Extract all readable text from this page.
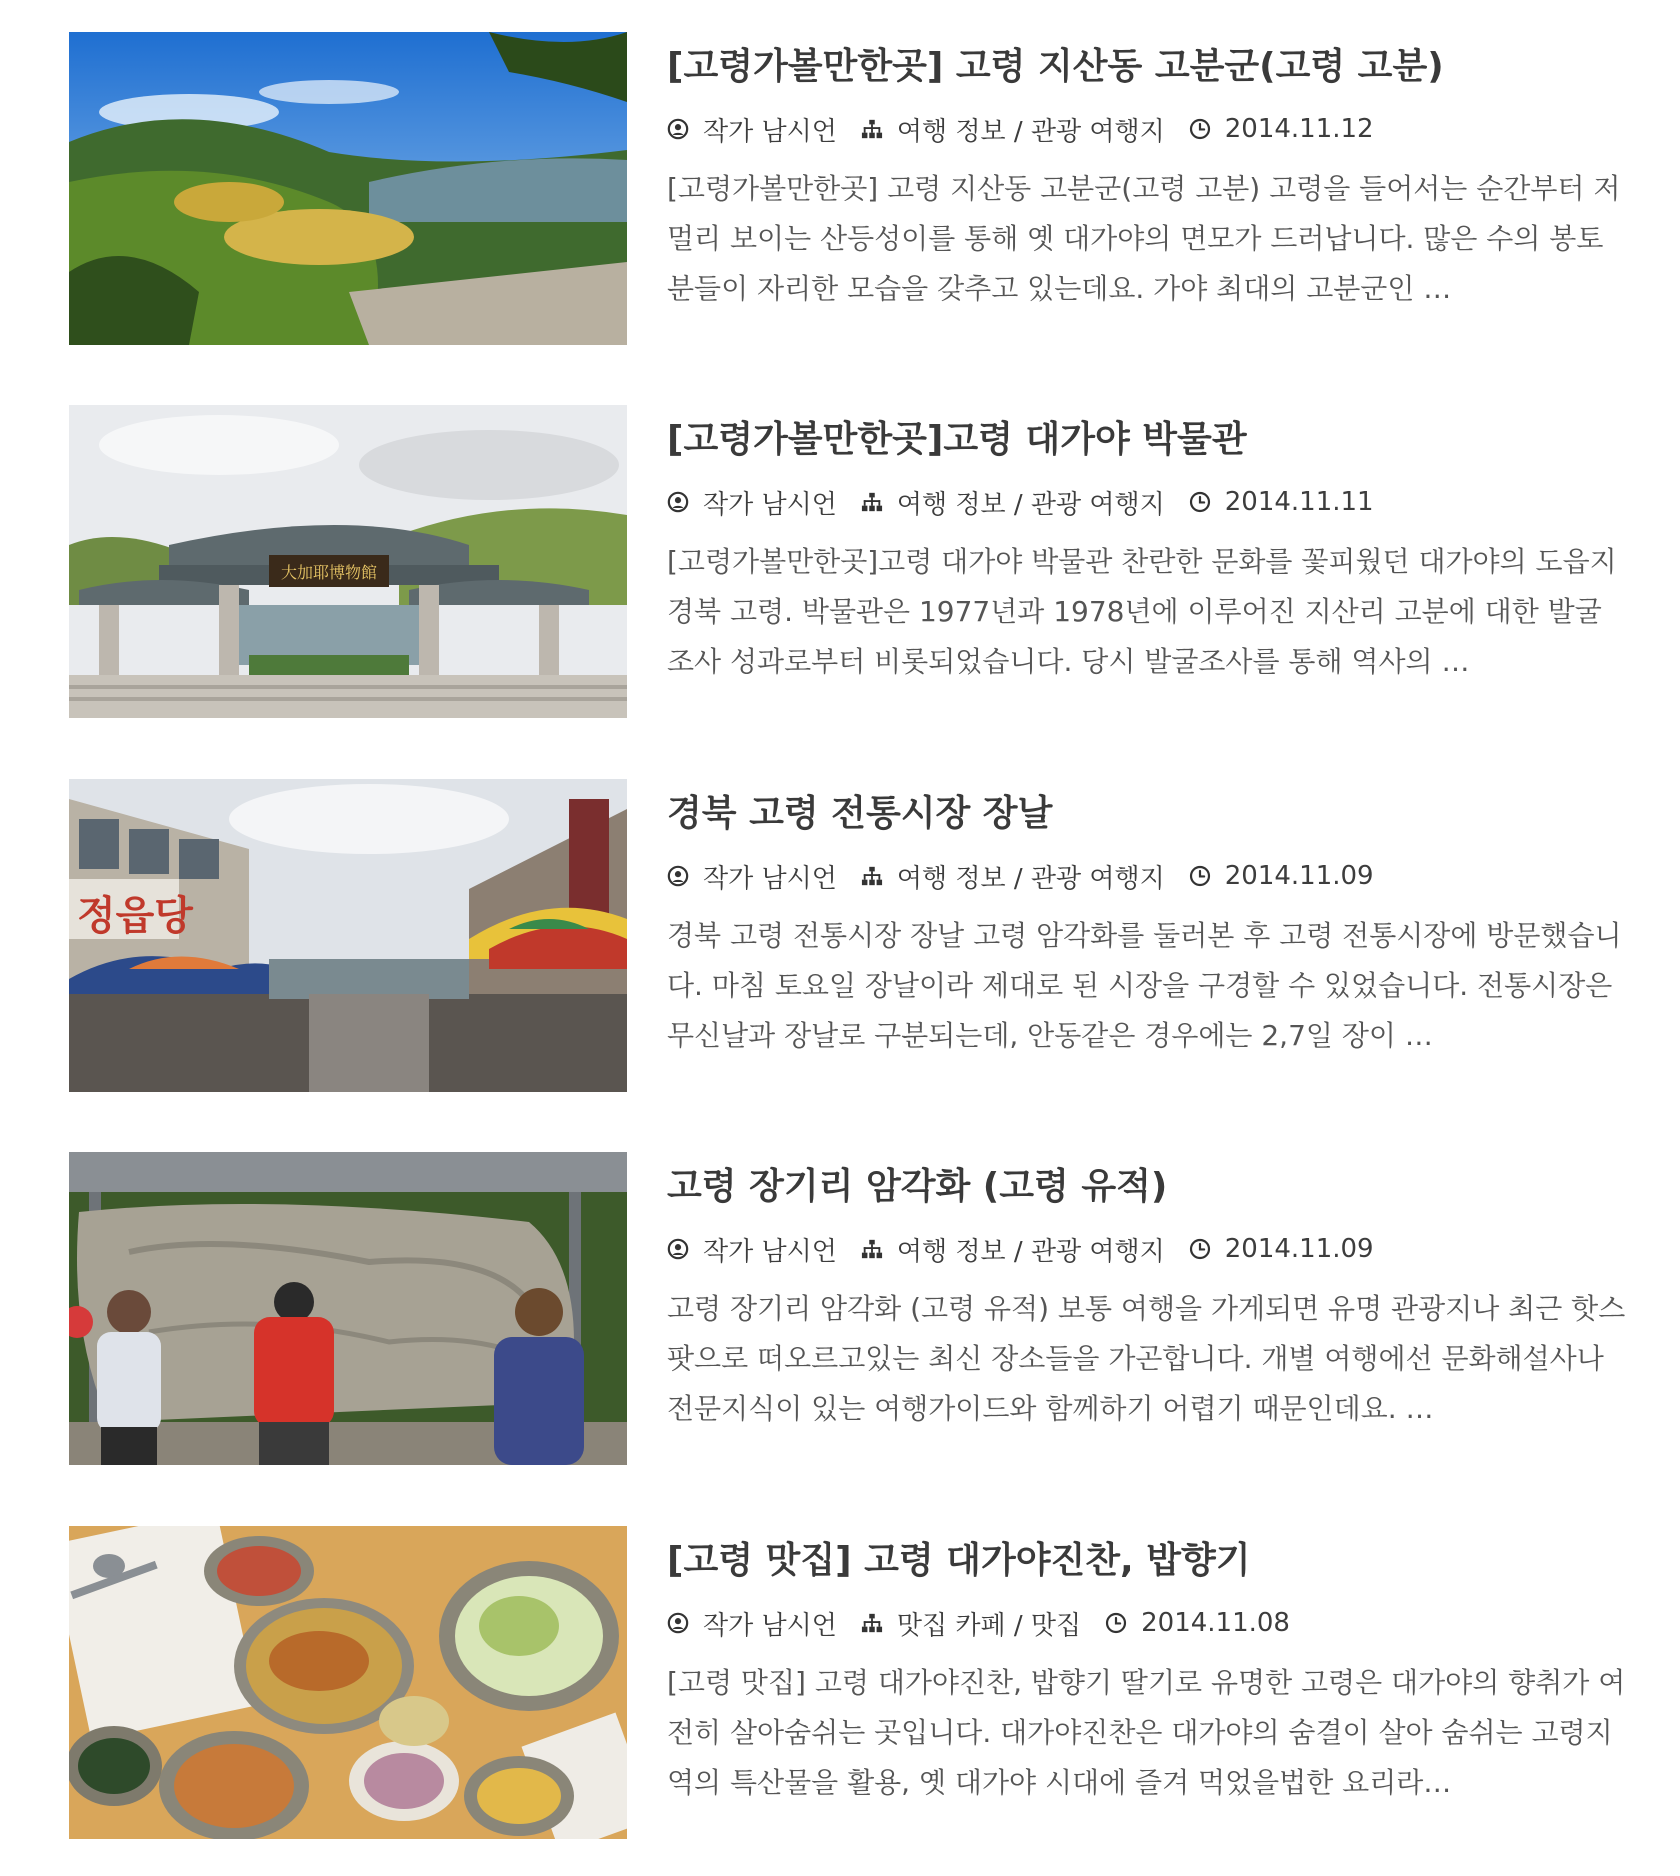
[고령가볼만한곳] 고령 지산동 고분군(고령 고분)
작가 남시언 여행 정보 / 관광 여행지 2014.11.12

[고령가볼만한곳] 고령 지산동 고분군(고령 고분) 고령을 들어서는 순간부터 저 멀리 보이는 산등성이를 통해 옛 대가야의 면모가 드러납니다. 많은 수의 봉토분들이 자리한 모습을 갖추고 있는데요. 가야 최대의 고분군인 …

大加耶博物館
[고령가볼만한곳]고령 대가야 박물관
작가 남시언 여행 정보 / 관광 여행지 2014.11.11

[고령가볼만한곳]고령 대가야 박물관 찬란한 문화를 꽃피웠던 대가야의 도읍지 경북 고령. 박물관은 1977년과 1978년에 이루어진 지산리 고분에 대한 발굴 조사 성과로부터 비롯되었습니다. 당시 발굴조사를 통해 역사의 …

정읍당
경북 고령 전통시장 장날
작가 남시언 여행 정보 / 관광 여행지 2014.11.09

경북 고령 전통시장 장날 고령 암각화를 둘러본 후 고령 전통시장에 방문했습니다. 마침 토요일 장날이라 제대로 된 시장을 구경할 수 있었습니다. 전통시장은 무신날과 장날로 구분되는데, 안동같은 경우에는 2,7일 장이 …

고령 장기리 암각화 (고령 유적)
작가 남시언 여행 정보 / 관광 여행지 2014.11.09

고령 장기리 암각화 (고령 유적) 보통 여행을 가게되면 유명 관광지나 최근 핫스팟으로 떠오르고있는 최신 장소들을 가곤합니다. 개별 여행에선 문화해설사나 전문지식이 있는 여행가이드와 함께하기 어렵기 때문인데요. …

[고령 맛집] 고령 대가야진찬, 밥향기
작가 남시언 맛집 카페 / 맛집 2014.11.08

[고령 맛집] 고령 대가야진찬, 밥향기 딸기로 유명한 고령은 대가야의 향취가 여전히 살아숨쉬는 곳입니다. 대가야진찬은 대가야의 숨결이 살아 숨쉬는 고령지역의 특산물을 활용, 옛 대가야 시대에 즐겨 먹었을법한 요리라…
